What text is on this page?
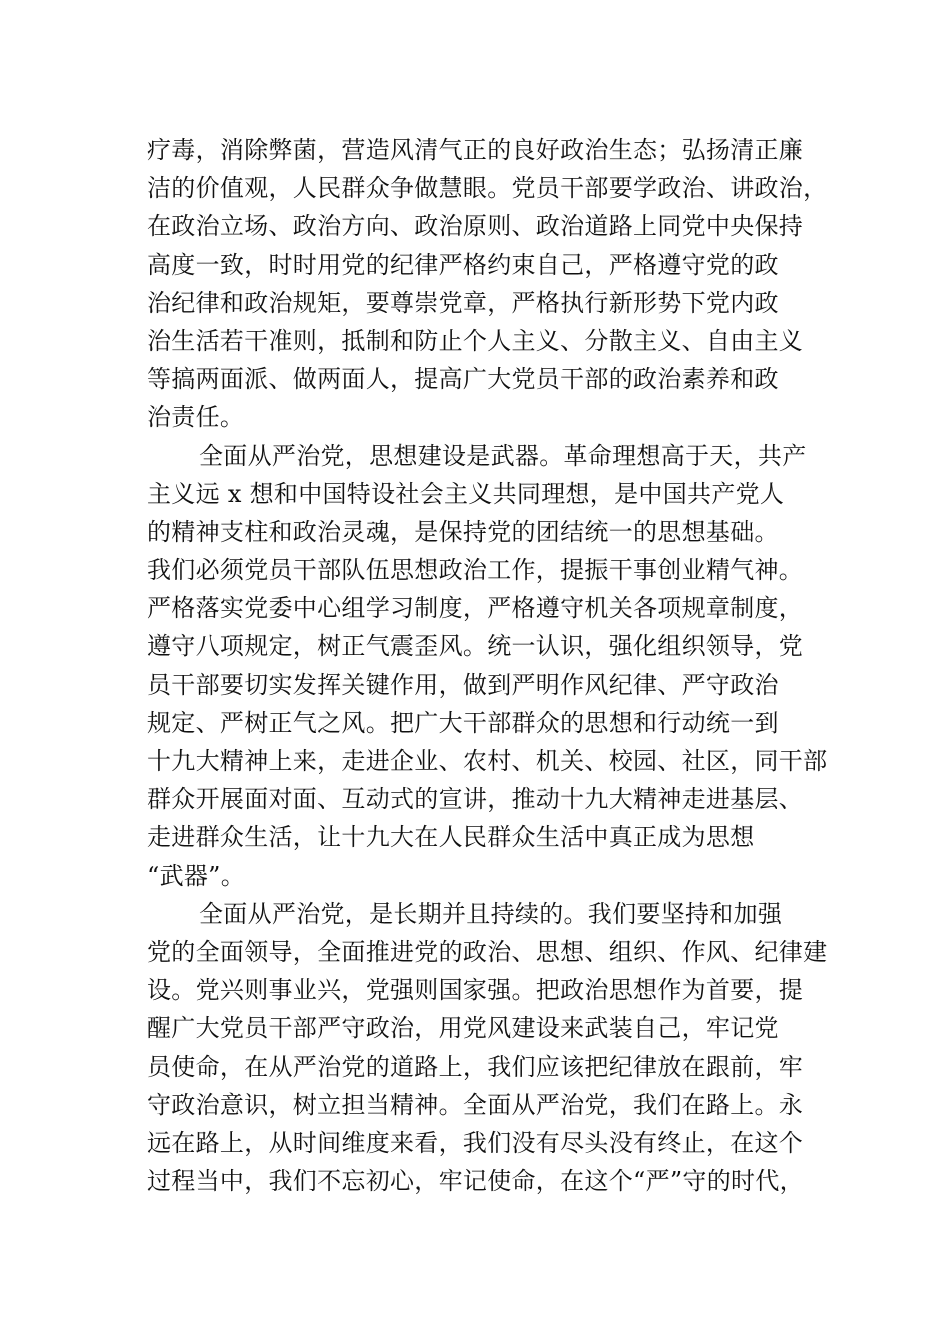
疗毒，消除弊菌，营造风清气正的良好政治生态；弘扬清正廉
洁的价值观，人民群众争做慧眼。党员干部要学政治、讲政治，
在政治立场、政治方向、政治原则、政治道路上同党中央保持
高度一致，时时用党的纪律严格约束自己，严格遵守党的政
治纪律和政治规矩，要尊崇党章，严格执行新形势下党内政
治生活若干准则，抵制和防止个人主义、分散主义、自由主义
等搞两面派、做两面人，提高广大党员干部的政治素养和政
治责任。
全面从严治党，思想建设是武器。革命理想高于天，共产
主义远 x 想和中国特设社会主义共同理想，是中国共产党人
的精神支柱和政治灵魂，是保持党的团结统一的思想基础。
我们必须党员干部队伍思想政治工作，提振干事创业精气神。
严格落实党委中心组学习制度，严格遵守机关各项规章制度，
遵守八项规定，树正气震歪风。统一认识，强化组织领导，党
员干部要切实发挥关键作用，做到严明作风纪律、严守政治
规定、严树正气之风。把广大干部群众的思想和行动统一到
十九大精神上来，走进企业、农村、机关、校园、社区，同干部
群众开展面对面、互动式的宣讲，推动十九大精神走进基层、
走进群众生活，让十九大在人民群众生活中真正成为思想
“武器”。
全面从严治党，是长期并且持续的。我们要坚持和加强
党的全面领导，全面推进党的政治、思想、组织、作风、纪律建
设。党兴则事业兴，党强则国家强。把政治思想作为首要，提
醒广大党员干部严守政治，用党风建设来武装自己，牢记党
员使命，在从严治党的道路上，我们应该把纪律放在跟前，牢
守政治意识，树立担当精神。全面从严治党，我们在路上。永
远在路上，从时间维度来看，我们没有尽头没有终止，在这个
过程当中，我们不忘初心，牢记使命，在这个“严”守的时代，
